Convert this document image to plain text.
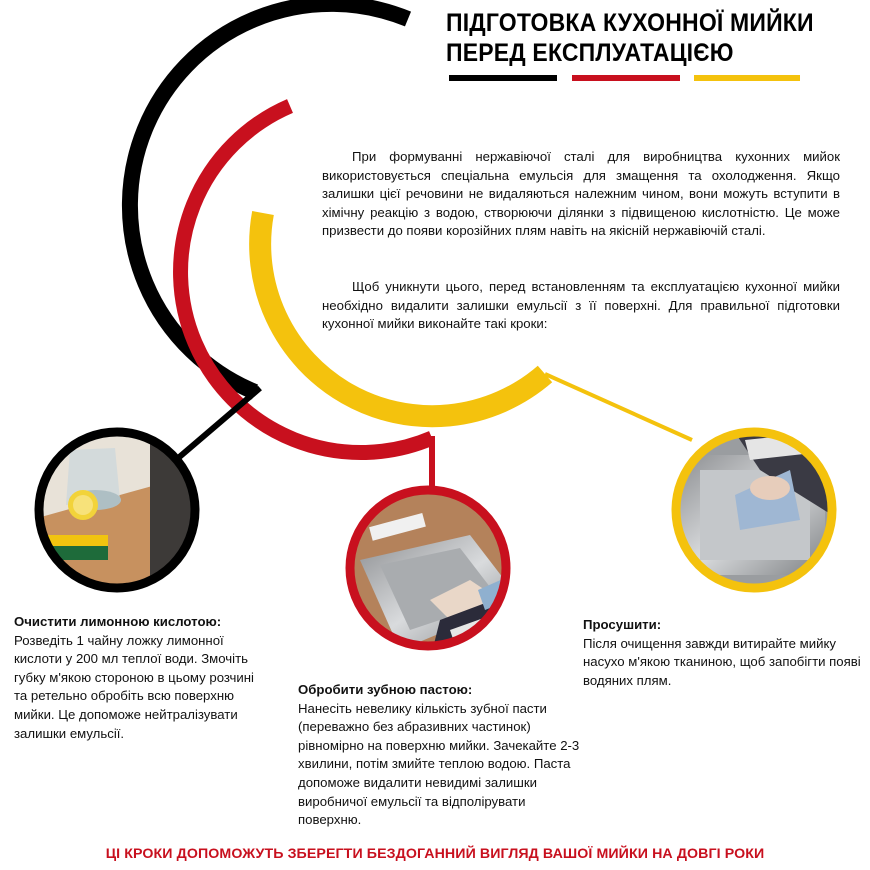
ПІДГОТОВКА КУХОННОЇ МИЙКИ
ПЕРЕД ЕКСПЛУАТАЦІЄЮ

При формуванні нержавіючої сталі для виробництва кухонних мийок використовується спеціальна емульсія для змащення та охолодження. Якщо залишки цієї речовини не видаляються належним чином, вони можуть вступити в хімічну реакцію з водою, створюючи ділянки з підвищеною кислотністю. Це може призвести до появи корозійних плям навіть на якісній нержавіючій сталі.

Щоб уникнути цього, перед встановленням та експлуатацією кухонної мийки необхідно видалити залишки емульсії з її поверхні. Для правильної підготовки кухонної мийки виконайте такі кроки:

Очистити лимонною кислотою:
Розведіть 1 чайну ложку лимонної кислоти у 200 мл теплої води. Змочіть губку м'якою стороною в цьому розчині та ретельно обробіть всю поверхню мийки. Це допоможе нейтралізувати залишки емульсії.
Обробити зубною пастою:
Нанесіть невелику кількість зубної пасти (переважно без абразивних частинок) рівномірно на поверхню мийки. Зачекайте 2-3 хвилини, потім змийте теплою водою. Паста допоможе видалити невидимі залишки виробничої емульсії та відполірувати поверхню.
Просушити:
Після очищення завжди витирайте мийку насухо м'якою тканиною, щоб запобігти появі водяних плям.
ЦІ КРОКИ ДОПОМОЖУТЬ ЗБЕРЕГТИ БЕЗДОГАННИЙ ВИГЛЯД ВАШОЇ МИЙКИ НА ДОВГІ РОКИ
